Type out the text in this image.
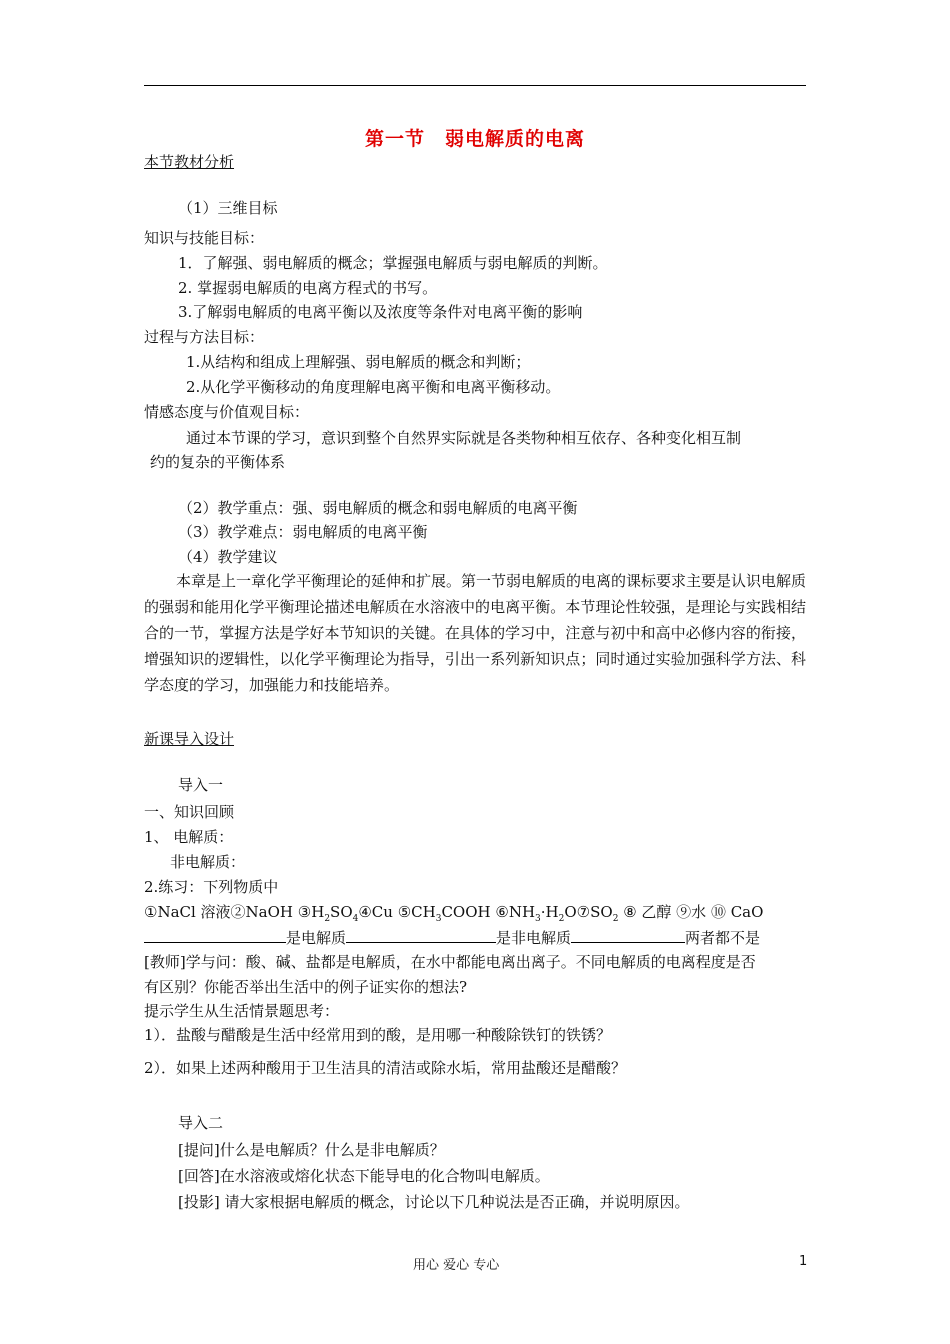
第一节　弱电解质的电离
本节教材分析
（1）三维目标
知识与技能目标：
1．了解强、弱电解质的概念；掌握强电解质与弱电解质的判断。
2. 掌握弱电解质的电离方程式的书写。
3.了解弱电解质的电离平衡以及浓度等条件对电离平衡的影响
过程与方法目标：
1.从结构和组成上理解强、弱电解质的概念和判断；
2.从化学平衡移动的角度理解电离平衡和电离平衡移动。
情感态度与价值观目标：
通过本节课的学习，意识到整个自然界实际就是各类物种相互依存、各种变化相互制
约的复杂的平衡体系
（2）教学重点：强、弱电解质的概念和弱电解质的电离平衡
（3）教学难点：弱电解质的电离平衡
（4）教学建议
本章是上一章化学平衡理论的延伸和扩展。第一节弱电解质的电离的课标要求主要是认识电解质的强弱和能用化学平衡理论描述电解质在水溶液中的电离平衡。本节理论性较强，是理论与实践相结合的一节，掌握方法是学好本节知识的关键。在具体的学习中，注意与初中和高中必修内容的衔接，增强知识的逻辑性，以化学平衡理论为指导，引出一系列新知识点；同时通过实验加强科学方法、科学态度的学习，加强能力和技能培养。
新课导入设计
导入一
一、知识回顾
1、 电解质：
非电解质：
2.练习：下列物质中
①NaCl 溶液②NaOH $③H_2SO_4④Cu$ $⑤CH_3COOH$ $⑥NH_3\cdot H_2O⑦SO_2$ ⑧ 乙醇 ⑨水 ⑩ CaO
是电解质	是非电解质	两者都不是
[教师]学与问：酸、碱、盐都是电解质，在水中都能电离出离子。不同电解质的电离程度是否
有区别？你能否举出生活中的例子证实你的想法?
提示学生从生活情景题思考：
1）．盐酸与醋酸是生活中经常用到的酸，是用哪一种酸除铁钉的铁锈？
2）．如果上述两种酸用于卫生洁具的清洁或除水垢，常用盐酸还是醋酸？
导入二
[提问]什么是电解质？什么是非电解质？
[回答]在水溶液或熔化状态下能导电的化合物叫电解质。
[投影] 请大家根据电解质的概念，讨论以下几种说法是否正确，并说明原因。
用心 爱心 专心	1
